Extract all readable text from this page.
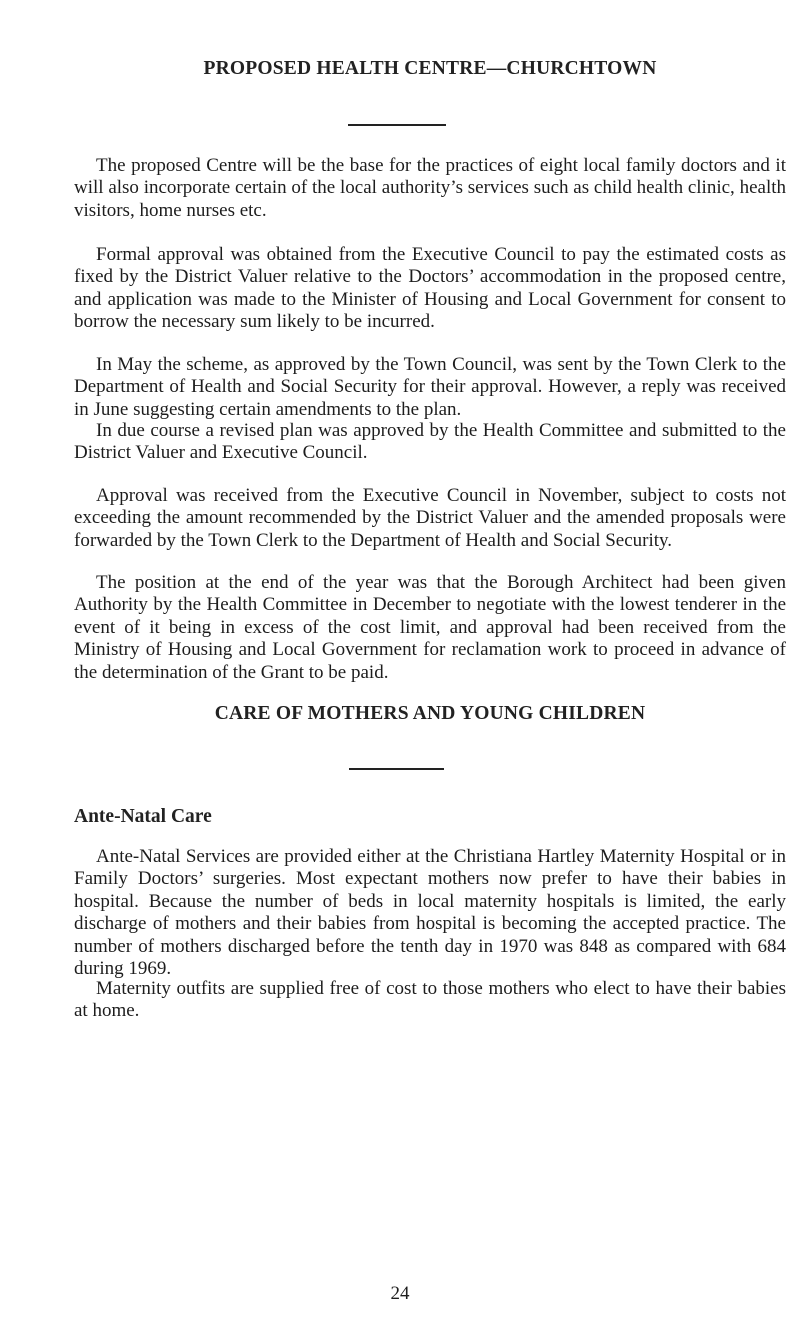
PROPOSED HEALTH CENTRE—CHURCHTOWN

The proposed Centre will be the base for the practices of eight local family doctors and it will also incorporate certain of the local authority’s services such as child health clinic, health visitors, home nurses etc.

Formal approval was obtained from the Executive Council to pay the estimated costs as fixed by the District Valuer relative to the Doctors’ accommodation in the proposed centre, and application was made to the Minister of Housing and Local Government for consent to borrow the necessary sum likely to be incurred.

In May the scheme, as approved by the Town Council, was sent by the Town Clerk to the Department of Health and Social Security for their approval. However, a reply was received in June suggesting certain amendments to the plan.

In due course a revised plan was approved by the Health Committee and submitted to the District Valuer and Executive Council.

Approval was received from the Executive Council in November, subject to costs not exceeding the amount recommended by the District Valuer and the amended proposals were forwarded by the Town Clerk to the Department of Health and Social Security.

The position at the end of the year was that the Borough Architect had been given Authority by the Health Committee in December to negotiate with the lowest tenderer in the event of it being in excess of the cost limit, and approval had been received from the Ministry of Housing and Local Government for reclamation work to proceed in advance of the determination of the Grant to be paid.

CARE OF MOTHERS AND YOUNG CHILDREN
Ante-Natal Care

Ante-Natal Services are provided either at the Christiana Hartley Maternity Hospital or in Family Doctors’ surgeries. Most expectant mothers now prefer to have their babies in hospital. Because the number of beds in local maternity hospitals is limited, the early discharge of mothers and their babies from hospital is becoming the accepted practice. The number of mothers discharged before the tenth day in 1970 was 848 as compared with 684 during 1969.

Maternity outfits are supplied free of cost to those mothers who elect to have their babies at home.

24
